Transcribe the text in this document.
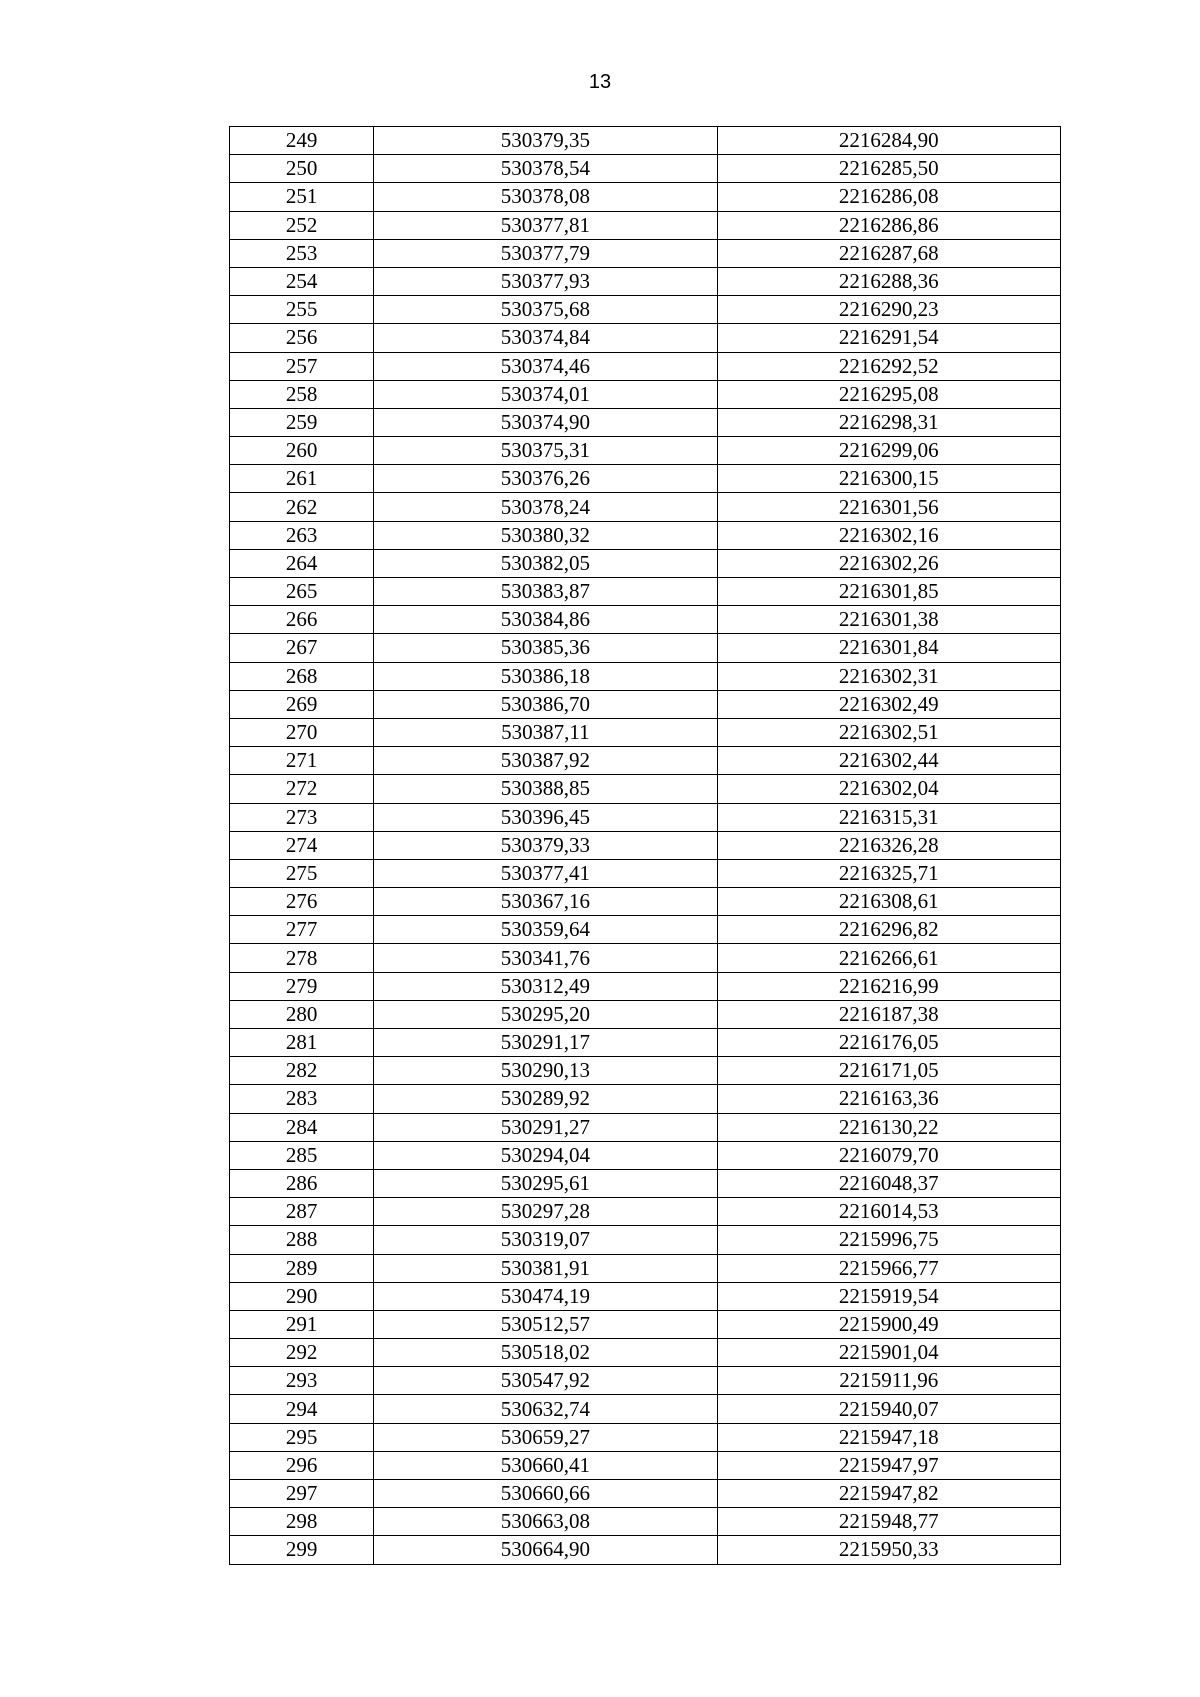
13
249	530379,35	2216284,90
250	530378,54	2216285,50
251	530378,08	2216286,08
252	530377,81	2216286,86
253	530377,79	2216287,68
254	530377,93	2216288,36
255	530375,68	2216290,23
256	530374,84	2216291,54
257	530374,46	2216292,52
258	530374,01	2216295,08
259	530374,90	2216298,31
260	530375,31	2216299,06
261	530376,26	2216300,15
262	530378,24	2216301,56
263	530380,32	2216302,16
264	530382,05	2216302,26
265	530383,87	2216301,85
266	530384,86	2216301,38
267	530385,36	2216301,84
268	530386,18	2216302,31
269	530386,70	2216302,49
270	530387,11	2216302,51
271	530387,92	2216302,44
272	530388,85	2216302,04
273	530396,45	2216315,31
274	530379,33	2216326,28
275	530377,41	2216325,71
276	530367,16	2216308,61
277	530359,64	2216296,82
278	530341,76	2216266,61
279	530312,49	2216216,99
280	530295,20	2216187,38
281	530291,17	2216176,05
282	530290,13	2216171,05
283	530289,92	2216163,36
284	530291,27	2216130,22
285	530294,04	2216079,70
286	530295,61	2216048,37
287	530297,28	2216014,53
288	530319,07	2215996,75
289	530381,91	2215966,77
290	530474,19	2215919,54
291	530512,57	2215900,49
292	530518,02	2215901,04
293	530547,92	2215911,96
294	530632,74	2215940,07
295	530659,27	2215947,18
296	530660,41	2215947,97
297	530660,66	2215947,82
298	530663,08	2215948,77
299	530664,90	2215950,33
